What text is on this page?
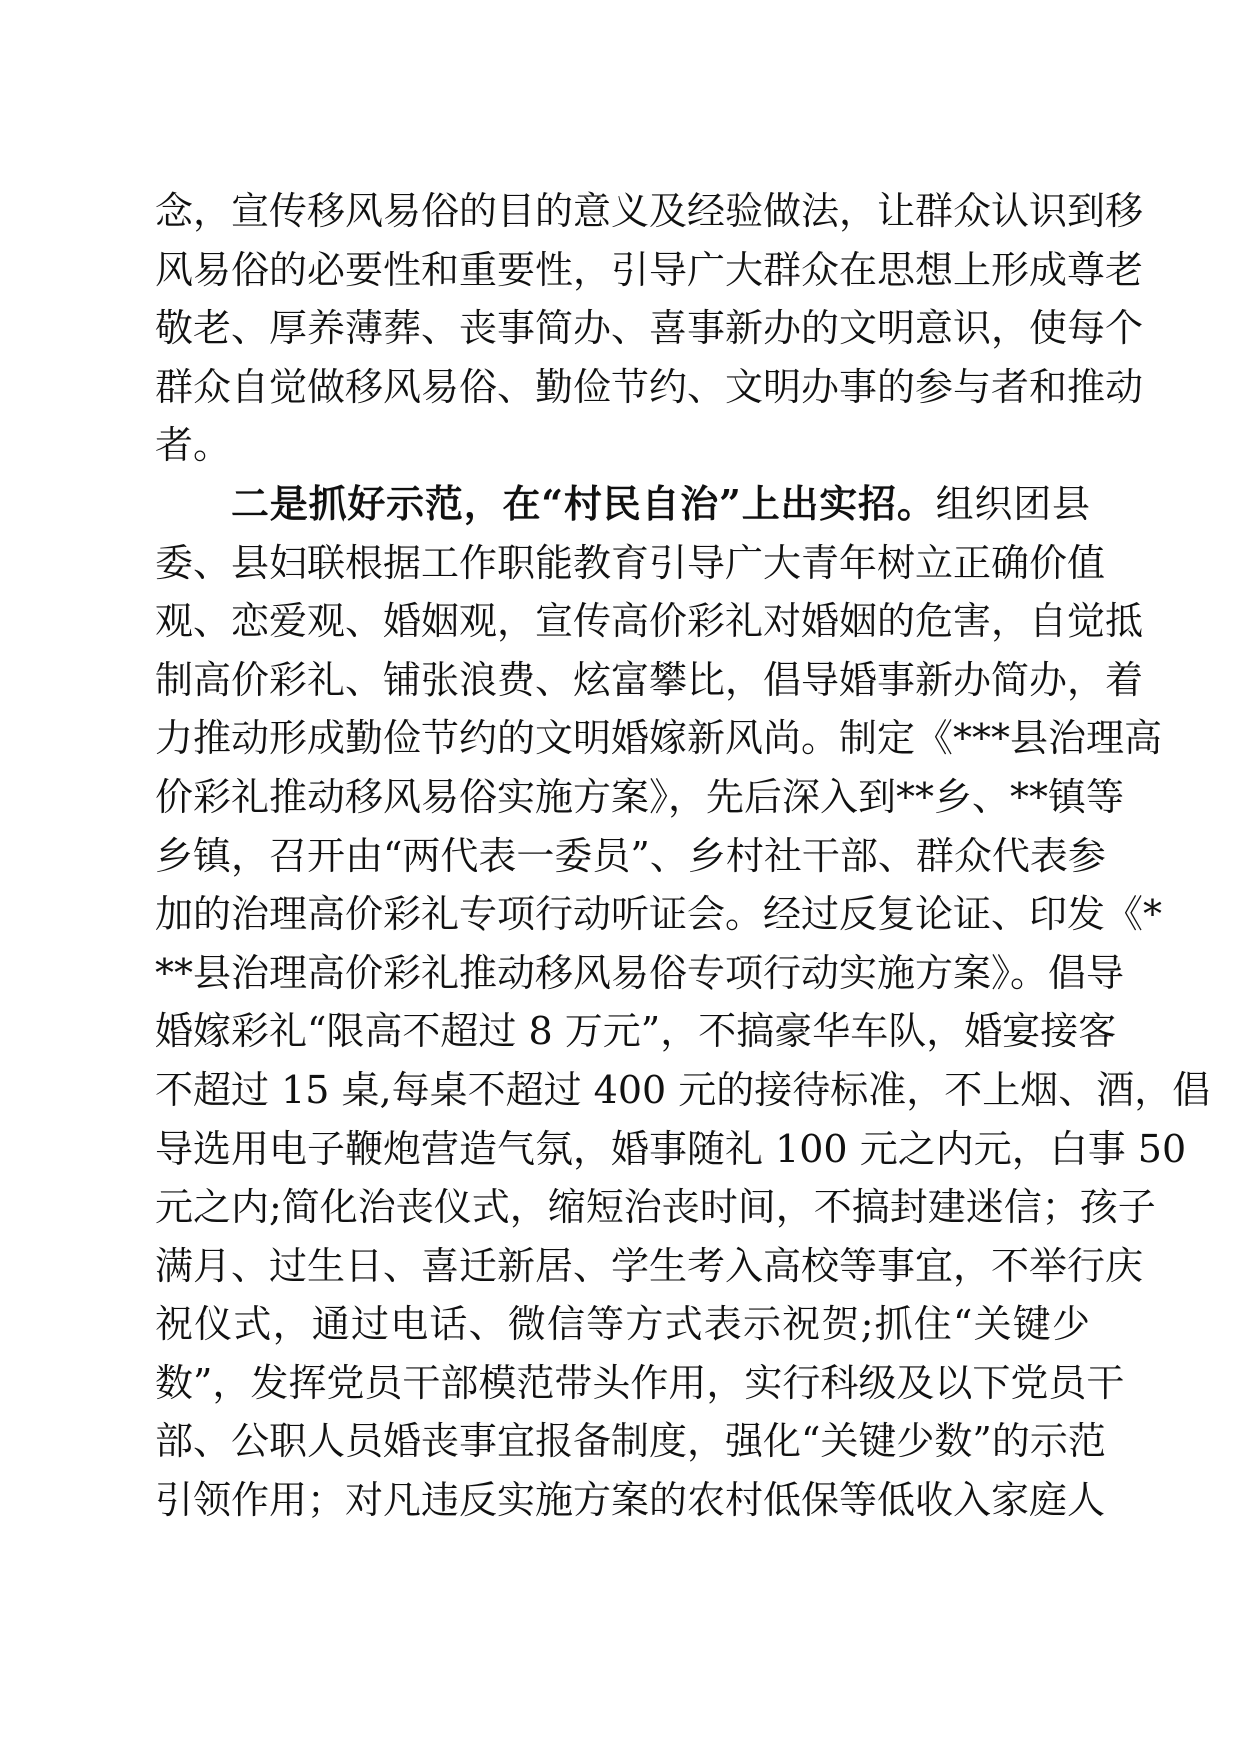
念，宣传移风易俗的目的意义及经验做法，让群众认识到移
风易俗的必要性和重要性，引导广大群众在思想上形成尊老
敬老、厚养薄葬、丧事简办、喜事新办的文明意识，使每个
群众自觉做移风易俗、勤俭节约、文明办事的参与者和推动
者。
二是抓好示范，在“村民自治”上出实招。组织团县
委、县妇联根据工作职能教育引导广大青年树立正确价值
观、恋爱观、婚姻观，宣传高价彩礼对婚姻的危害，自觉抵
制高价彩礼、铺张浪费、炫富攀比，倡导婚事新办简办，着
力推动形成勤俭节约的文明婚嫁新风尚。制定《***县治理高
价彩礼推动移风易俗实施方案》，先后深入到**乡、**镇等
乡镇，召开由“两代表一委员”、乡村社干部、群众代表参
加的治理高价彩礼专项行动听证会。经过反复论证、印发《*
**县治理高价彩礼推动移风易俗专项行动实施方案》。倡导
婚嫁彩礼“限高不超过 8 万元”，不搞豪华车队，婚宴接客
不超过 15 桌,每桌不超过 400 元的接待标准，不上烟、酒，倡
导选用电子鞭炮营造气氛，婚事随礼 100 元之内元，白事 50
元之内;简化治丧仪式，缩短治丧时间，不搞封建迷信；孩子
满月、过生日、喜迁新居、学生考入高校等事宜，不举行庆
祝仪式，通过电话、微信等方式表示祝贺;抓住“关键少
数”，发挥党员干部模范带头作用，实行科级及以下党员干
部、公职人员婚丧事宜报备制度，强化“关键少数”的示范
引领作用；对凡违反实施方案的农村低保等低收入家庭人
